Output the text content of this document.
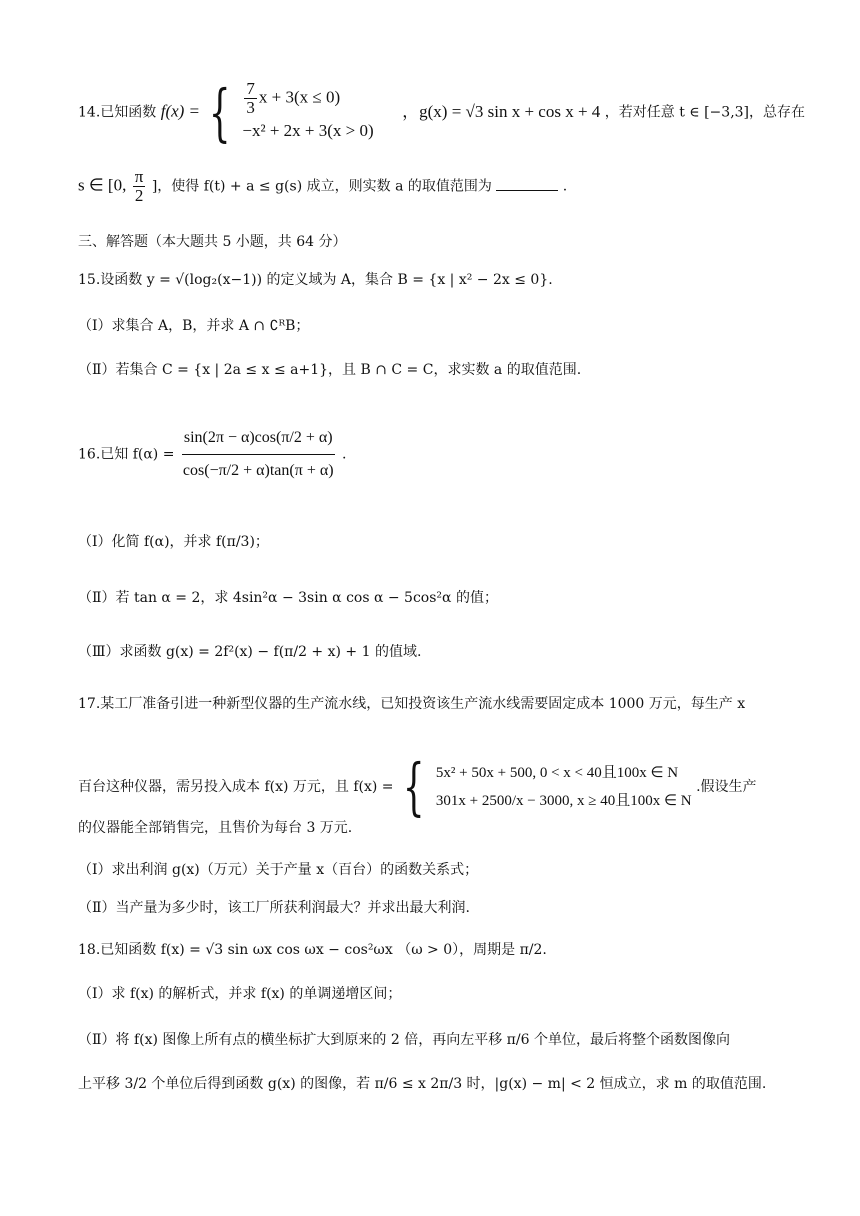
14.已知函数 f(x) = { $\frac{7}{3}$ x + 3(x ≤ 0)
−x² + 2x + 3(x > 0)
，g(x) = √3 sin x + cos x + 4 ，若对任意 t ∈ [−3,3]，总存在
s ∈ [0, $\frac{\pi}{2}$ ]，使得 f(t) + a ≤ g(s) 成立，则实数 a 的取值范围为	.
三、解答题（本大题共 5 小题，共 64 分）
15.设函数 y = √(log₂(x−1)) 的定义域为 A，集合 B = {x | x² − 2x ≤ 0}.
（Ⅰ）求集合 A，B，并求 A ∩ ∁ᴿB；
（Ⅱ）若集合 C = {x | 2a ≤ x ≤ a+1}，且 B ∩ C = C，求实数 a 的取值范围.
16.已知 $f(\alpha) = \frac{\sin(2\pi - \alpha)\cos(\pi/2 + \alpha)}{\cos(-\pi/2 + \alpha)\tan(\pi + \alpha)}$ .
（Ⅰ）化简 f(α)，并求 f(π/3)；
（Ⅱ）若 tan α = 2，求 4sin²α − 3sin α cos α − 5cos²α 的值；
（Ⅲ）求函数 g(x) = 2f²(x) − f(π/2 + x) + 1 的值域.
17.某工厂准备引进一种新型仪器的生产流水线，已知投资该生产流水线需要固定成本 1000 万元，每生产 x
百台这种仪器，需另投入成本 f(x) 万元，且 f(x) = { 5x² + 50x + 500, 0 < x < 40且100x ∈ N
301x + 2500/x − 3000, x ≥ 40且100x ∈ N
.假设生产
的仪器能全部销售完，且售价为每台 3 万元.
（Ⅰ）求出利润 g(x)（万元）关于产量 x（百台）的函数关系式；
（Ⅱ）当产量为多少时，该工厂所获利润最大？并求出最大利润.
18.已知函数 f(x) = √3 sin ωx cos ωx − cos²ωx （ω > 0），周期是 π/2.
（Ⅰ）求 f(x) 的解析式，并求 f(x) 的单调递增区间；
（Ⅱ）将 f(x) 图像上所有点的横坐标扩大到原来的 2 倍，再向左平移 π/6 个单位，最后将整个函数图像向
上平移 3/2 个单位后得到函数 g(x) 的图像，若 π/6 ≤ x 2π/3 时，|g(x) − m| < 2 恒成立，求 m 的取值范围.
